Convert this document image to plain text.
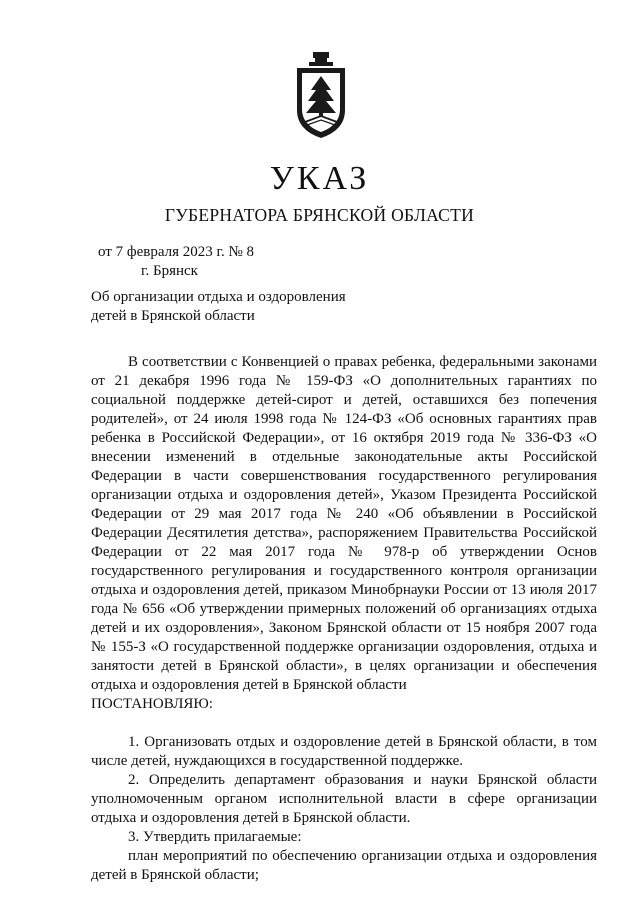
УКАЗ
ГУБЕРНАТОРА БРЯНСКОЙ ОБЛАСТИ
от 7 февраля 2023 г. № 8
г. Брянск
Об организации отдыха и оздоровления
детей в Брянской области

В соответствии с Конвенцией о правах ребенка, федеральными законами от 21 декабря 1996 года № 159-ФЗ «О дополнительных гарантиях по социальной поддержке детей-сирот и детей, оставшихся без попечения родителей», от 24 июля 1998 года № 124-ФЗ «Об основных гарантиях прав ребенка в Российской Федерации», от 16 октября 2019 года № 336-ФЗ «О внесении изменений в отдельные законодательные акты Российской Федерации в части совершенствования государственного регулирования организации отдыха и оздоровления детей», Указом Президента Российской Федерации от 29 мая 2017 года № 240 «Об объявлении в Российской Федерации Десятилетия детства», распоряжением Правительства Российской Федерации от 22 мая 2017 года № 978-р об утверждении Основ государственного регулирования и государственного контроля организации отдыха и оздоровления детей, приказом Минобрнауки России от 13 июля 2017 года № 656 «Об утверждении примерных положений об организациях отдыха детей и их оздоровления», Законом Брянской области от 15 ноября 2007 года № 155-З «О государственной поддержке организации оздоровления, отдыха и занятости детей в Брянской области», в целях организации и обеспечения отдыха и оздоровления детей в Брянской области

ПОСТАНОВЛЯЮ:

1. Организовать отдых и оздоровление детей в Брянской области, в том числе детей, нуждающихся в государственной поддержке.

2. Определить департамент образования и науки Брянской области уполномоченным органом исполнительной власти в сфере организации отдыха и оздоровления детей в Брянской области.

3. Утвердить прилагаемые:

план мероприятий по обеспечению организации отдыха и оздоровления детей в Брянской области;
